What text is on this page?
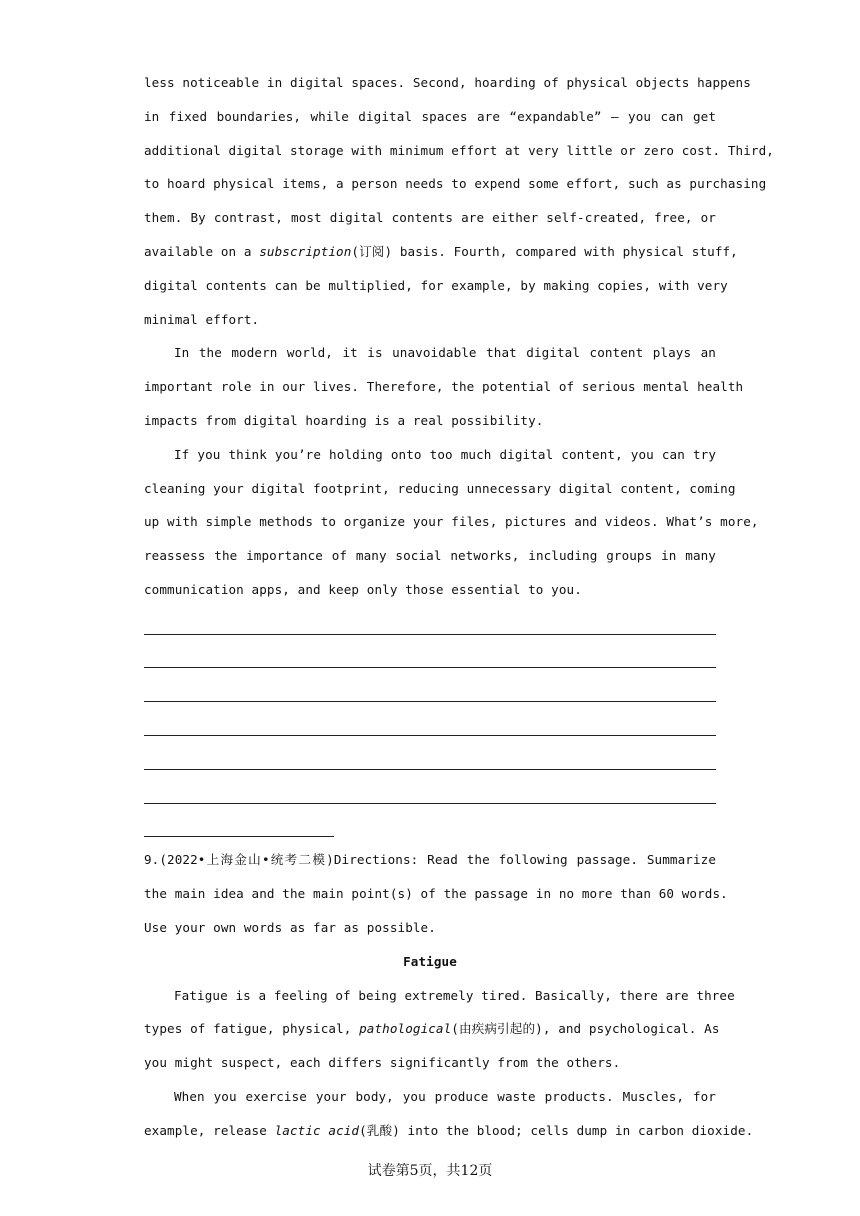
less noticeable in digital spaces. Second, hoarding of physical objects happens
in fixed boundaries, while digital spaces are “expandable” — you can get
additional digital storage with minimum effort at very little or zero cost. Third,
to hoard physical items, a person needs to expend some effort, such as purchasing
them. By contrast, most digital contents are either self-created, free, or
available on a subscription(订阅) basis. Fourth, compared with physical stuff,
digital contents can be multiplied, for example, by making copies, with very
minimal effort.
In the modern world, it is unavoidable that digital content plays an
important role in our lives. Therefore, the potential of serious mental health
impacts from digital hoarding is a real possibility.
If you think you’re holding onto too much digital content, you can try
cleaning your digital footprint, reducing unnecessary digital content, coming
up with simple methods to organize your files, pictures and videos. What’s more,
reassess the importance of many social networks, including groups in many
communication apps, and keep only those essential to you.
9.(2022•上海金山•统考二模)Directions: Read the following passage. Summarize
the main idea and the main point(s) of the passage in no more than 60 words.
Use your own words as far as possible.
Fatigue
Fatigue is a feeling of being extremely tired. Basically, there are three
types of fatigue, physical, pathological(由疾病引起的), and psychological. As
you might suspect, each differs significantly from the others.
When you exercise your body, you produce waste products. Muscles, for
example, release lactic acid(乳酸) into the blood; cells dump in carbon dioxide.
试卷第5页，共12页
